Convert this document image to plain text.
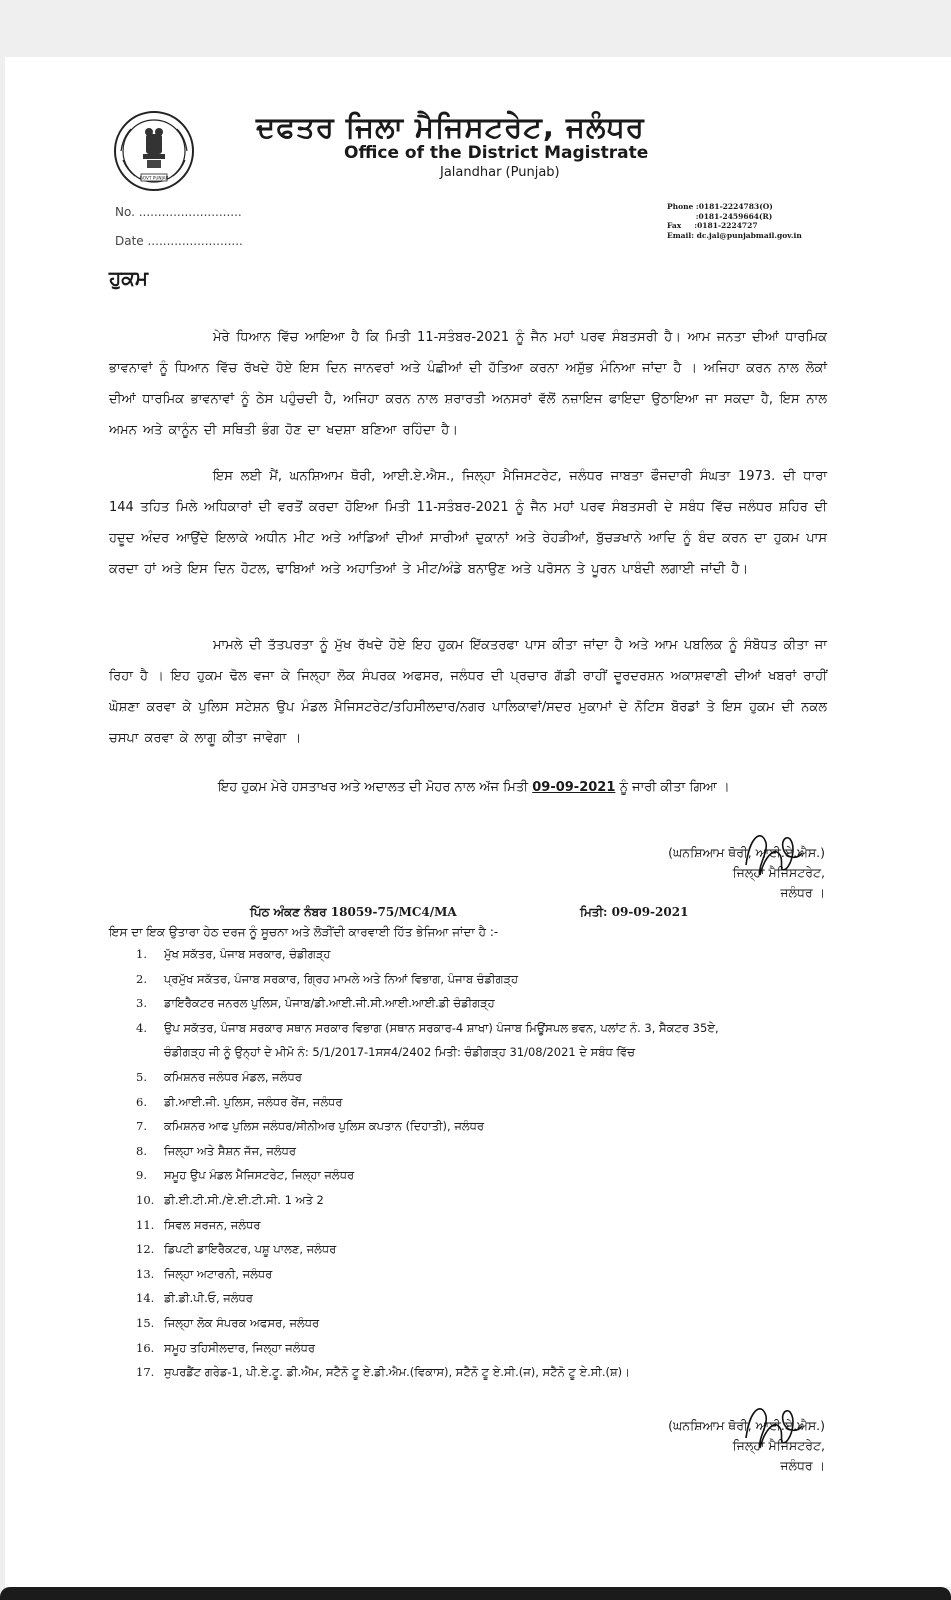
GOVT PUNJAB
ਦਫਤਰ ਜਿਲਾ ਮੈਜਿਸਟਰੇਟ, ਜਲੰਧਰ
Office of the District Magistrate
Jalandhar (Punjab)
No. ...........................
Date .........................
Phone :0181-2224783(O)
:0181-2459664(R)
Fax     :0181-2224727
Email: dc.jal@punjabmail.gov.in
ਹੁਕਮ

ਮੇਰੇ ਧਿਆਨ ਵਿੱਚ ਆਇਆ ਹੈ ਕਿ ਮਿਤੀ 11-ਸਤੰਬਰ-2021 ਨੂੰ ਜੈਨ ਮਹਾਂ ਪਰਵ ਸੰਬਤਸਰੀ ਹੈ। ਆਮ ਜਨਤਾ ਦੀਆਂ ਧਾਰਮਿਕ ਭਾਵਨਾਵਾਂ ਨੂੰ ਧਿਆਨ ਵਿੱਚ ਰੱਖਦੇ ਹੋਏ ਇਸ ਦਿਨ ਜਾਨਵਰਾਂ ਅਤੇ ਪੰਛੀਆਂ ਦੀ ਹੱਤਿਆ ਕਰਨਾ ਅਸ਼ੁੱਭ ਮੰਨਿਆ ਜਾਂਦਾ ਹੈ । ਅਜਿਹਾ ਕਰਨ ਨਾਲ ਲੋਕਾਂ ਦੀਆਂ ਧਾਰਮਿਕ ਭਾਵਨਾਵਾਂ ਨੂੰ ਠੇਸ ਪਹੁੰਚਦੀ ਹੈ, ਅਜਿਹਾ ਕਰਨ ਨਾਲ ਸ਼ਰਾਰਤੀ ਅਨਸਰਾਂ ਵੱਲੋਂ ਨਜ਼ਾਇਜ ਫਾਇਦਾ ਉਠਾਇਆ ਜਾ ਸਕਦਾ ਹੈ, ਇਸ ਨਾਲ ਅਮਨ ਅਤੇ ਕਾਨੂੰਨ ਦੀ ਸਥਿਤੀ ਭੰਗ ਹੋਣ ਦਾ ਖਦਸ਼ਾ ਬਣਿਆ ਰਹਿੰਦਾ ਹੈ।

ਇਸ ਲਈ ਮੈਂ, ਘਨਸ਼ਿਆਮ ਥੋਰੀ, ਆਈ.ਏ.ਐਸ., ਜਿਲ੍ਹਾ ਮੈਜਿਸਟਰੇਟ, ਜਲੰਧਰ ਜਾਬਤਾ ਫੌਜਦਾਰੀ ਸੰਘਤਾ 1973. ਦੀ ਧਾਰਾ 144 ਤਹਿਤ ਮਿਲੇ ਅਧਿਕਾਰਾਂ ਦੀ ਵਰਤੋਂ ਕਰਦਾ ਹੋਇਆ ਮਿਤੀ 11-ਸਤੰਬਰ-2021 ਨੂੰ ਜੈਨ ਮਹਾਂ ਪਰਵ ਸੰਬਤਸਰੀ ਦੇ ਸਬੰਧ ਵਿੱਚ ਜਲੰਧਰ ਸ਼ਹਿਰ ਦੀ ਹਦੂਦ ਅੰਦਰ ਆਉਂਦੇ ਇਲਾਕੇ ਅਧੀਨ ਮੀਟ ਅਤੇ ਆਂਡਿਆਂ ਦੀਆਂ ਸਾਰੀਆਂ ਦੁਕਾਨਾਂ ਅਤੇ ਰੇਹੜੀਆਂ, ਬੁੱਚੜਖਾਨੇ ਆਦਿ ਨੂੰ ਬੰਦ ਕਰਨ ਦਾ ਹੁਕਮ ਪਾਸ ਕਰਦਾ ਹਾਂ ਅਤੇ ਇਸ ਦਿਨ ਹੋਟਲ, ਢਾਬਿਆਂ ਅਤੇ ਅਹਾਤਿਆਂ ਤੇ ਮੀਟ/ਅੰਡੇ ਬਨਾਉਣ ਅਤੇ ਪਰੋਸਨ ਤੇ ਪੂਰਨ ਪਾਬੰਦੀ ਲਗਾਈ ਜਾਂਦੀ ਹੈ।

ਮਾਮਲੇ ਦੀ ਤੱਤਪਰਤਾ ਨੂੰ ਮੁੱਖ ਰੱਖਦੇ ਹੋਏ ਇਹ ਹੁਕਮ ਇੱਕਤਰਫਾ ਪਾਸ ਕੀਤਾ ਜਾਂਦਾ ਹੈ ਅਤੇ ਆਮ ਪਬਲਿਕ ਨੂੰ ਸੰਬੋਧਤ ਕੀਤਾ ਜਾ ਰਿਹਾ ਹੈ । ਇਹ ਹੁਕਮ ਢੋਲ ਵਜਾ ਕੇ ਜਿਲ੍ਹਾ ਲੋਕ ਸੰਪਰਕ ਅਫਸਰ, ਜਲੰਧਰ ਦੀ ਪ੍ਰਚਾਰ ਗੱਡੀ ਰਾਹੀਂ ਦੂਰਦਰਸ਼ਨ ਅਕਾਸ਼ਵਾਣੀ ਦੀਆਂ ਖਬਰਾਂ ਰਾਹੀਂ ਘੋਸ਼ਣਾ ਕਰਵਾ ਕੇ ਪੁਲਿਸ ਸਟੇਸ਼ਨ ਉਪ ਮੰਡਲ ਮੈਜਿਸਟਰੇਟ/ਤਹਿਸੀਲਦਾਰ/ਨਗਰ ਪਾਲਿਕਾਵਾਂ/ਸਦਰ ਮੁਕਾਮਾਂ ਦੇ ਨੋਟਿਸ ਬੋਰਡਾਂ ਤੇ ਇਸ ਹੁਕਮ ਦੀ ਨਕਲ ਚਸਪਾ ਕਰਵਾ ਕੇ ਲਾਗੂ ਕੀਤਾ ਜਾਵੇਗਾ ।

ਇਹ ਹੁਕਮ ਮੇਰੇ ਹਸਤਾਖਰ ਅਤੇ ਅਦਾਲਤ ਦੀ ਮੋਹਰ ਨਾਲ ਅੱਜ ਮਿਤੀ 09-09-2021 ਨੂੰ ਜਾਰੀ ਕੀਤਾ ਗਿਆ ।
(ਘਨਸ਼ਿਆਮ ਥੋਰੀ, ਆਈ.ਏ.ਐਸ.)
ਜਿਲ੍ਹਾ ਮੈਜਿਸਟਰੇਟ,
ਜਲੰਧਰ ।
ਪਿੱਠ ਅੰਕਣ ਨੰਬਰ 18059-75/MC4/MA	ਮਿਤੀ: 09-09-2021
ਇਸ ਦਾ ਇਕ ਉਤਾਰਾ ਹੇਠ ਦਰਜ ਨੂੰ ਸੂਚਨਾ ਅਤੇ ਲੋੜੀਂਦੀ ਕਾਰਵਾਈ ਹਿੱਤ ਭੇਜਿਆ ਜਾਂਦਾ ਹੈ :-
1. ਮੁੱਖ ਸਕੱਤਰ, ਪੰਜਾਬ ਸਰਕਾਰ, ਚੰਡੀਗੜ੍ਹ
2. ਪ੍ਰਮੁੱਖ ਸਕੱਤਰ, ਪੰਜਾਬ ਸਰਕਾਰ, ਗ੍ਰਿਹ ਮਾਮਲੇ ਅਤੇ ਨਿਆਂ ਵਿਭਾਗ, ਪੰਜਾਬ ਚੰਡੀਗੜ੍ਹ
3. ਡਾਇਰੈਕਟਰ ਜਨਰਲ ਪੁਲਿਸ, ਪੰਜਾਬ/ਡੀ.ਆਈ.ਜੀ.ਸੀ.ਆਈ.ਆਈ.ਡੀ ਚੰਡੀਗੜ੍ਹ
4. ਉਪ ਸਕੱਤਰ, ਪੰਜਾਬ ਸਰਕਾਰ ਸਥਾਨ ਸਰਕਾਰ ਵਿਭਾਗ (ਸਥਾਨ ਸਰਕਾਰ-4 ਸ਼ਾਖਾ) ਪੰਜਾਬ ਮਿਊਂਸਪਲ ਭਵਨ, ਪਲਾਂਟ ਨੰ. 3, ਸੈਕਟਰ 35ਏ,
ਚੰਡੀਗੜ੍ਹ ਜੀ ਨੂੰ ਉਨ੍ਹਾਂ ਦੇ ਮੀਮੋ ਨੰ: 5/1/2017-1ਸਸ4/2402 ਮਿਤੀ: ਚੰਡੀਗੜ੍ਹ 31/08/2021 ਦੇ ਸਬੰਧ ਵਿੱਚ
5. ਕਮਿਸ਼ਨਰ ਜਲੰਧਰ ਮੰਡਲ, ਜਲੰਧਰ
6. ਡੀ.ਆਈ.ਜੀ. ਪੁਲਿਸ, ਜਲੰਧਰ ਰੇਂਜ, ਜਲੰਧਰ
7. ਕਮਿਸ਼ਨਰ ਆਫ ਪੁਲਿਸ ਜਲੰਧਰ/ਸੀਨੀਅਰ ਪੁਲਿਸ ਕਪਤਾਨ (ਦਿਹਾਤੀ), ਜਲੰਧਰ
8. ਜਿਲ੍ਹਾ ਅਤੇ ਸੈਸ਼ਨ ਜੱਜ, ਜਲੰਧਰ
9. ਸਮੂਹ ਉਪ ਮੰਡਲ ਮੈਜਿਸਟਰੇਟ, ਜਿਲ੍ਹਾ ਜਲੰਧਰ
10. ਡੀ.ਈ.ਟੀ.ਸੀ./ਏ.ਈ.ਟੀ.ਸੀ. 1 ਅਤੇ 2
11. ਸਿਵਲ ਸਰਜਨ, ਜਲੰਧਰ
12. ਡਿਪਟੀ ਡਾਇਰੈਕਟਰ, ਪਸ਼ੂ ਪਾਲਣ, ਜਲੰਧਰ
13. ਜਿਲ੍ਹਾ ਅਟਾਰਨੀ, ਜਲੰਧਰ
14. ਡੀ.ਡੀ.ਪੀ.ਓ, ਜਲੰਧਰ
15. ਜਿਲ੍ਹਾ ਲੋਕ ਸੰਪਰਕ ਅਫਸਰ, ਜਲੰਧਰ
16. ਸਮੂਹ ਤਹਿਸੀਲਦਾਰ, ਜਿਲ੍ਹਾ ਜਲੰਧਰ
17. ਸੁਪਰਡੈਂਟ ਗਰੇਡ-1, ਪੀ.ਏ.ਟੂ. ਡੀ.ਐਮ, ਸਟੈਨੋ ਟੂ ਏ.ਡੀ.ਐਮ.(ਵਿਕਾਸ), ਸਟੈਨੋ ਟੂ ਏ.ਸੀ.(ਜ), ਸਟੈਨੋ ਟੂ ਏ.ਸੀ.(ਸ਼)।
(ਘਨਸ਼ਿਆਮ ਥੋਰੀ, ਆਈ.ਏ.ਐਸ.)
ਜਿਲ੍ਹਾ ਮੈਜਿਸਟਰੇਟ,
ਜਲੰਧਰ ।
